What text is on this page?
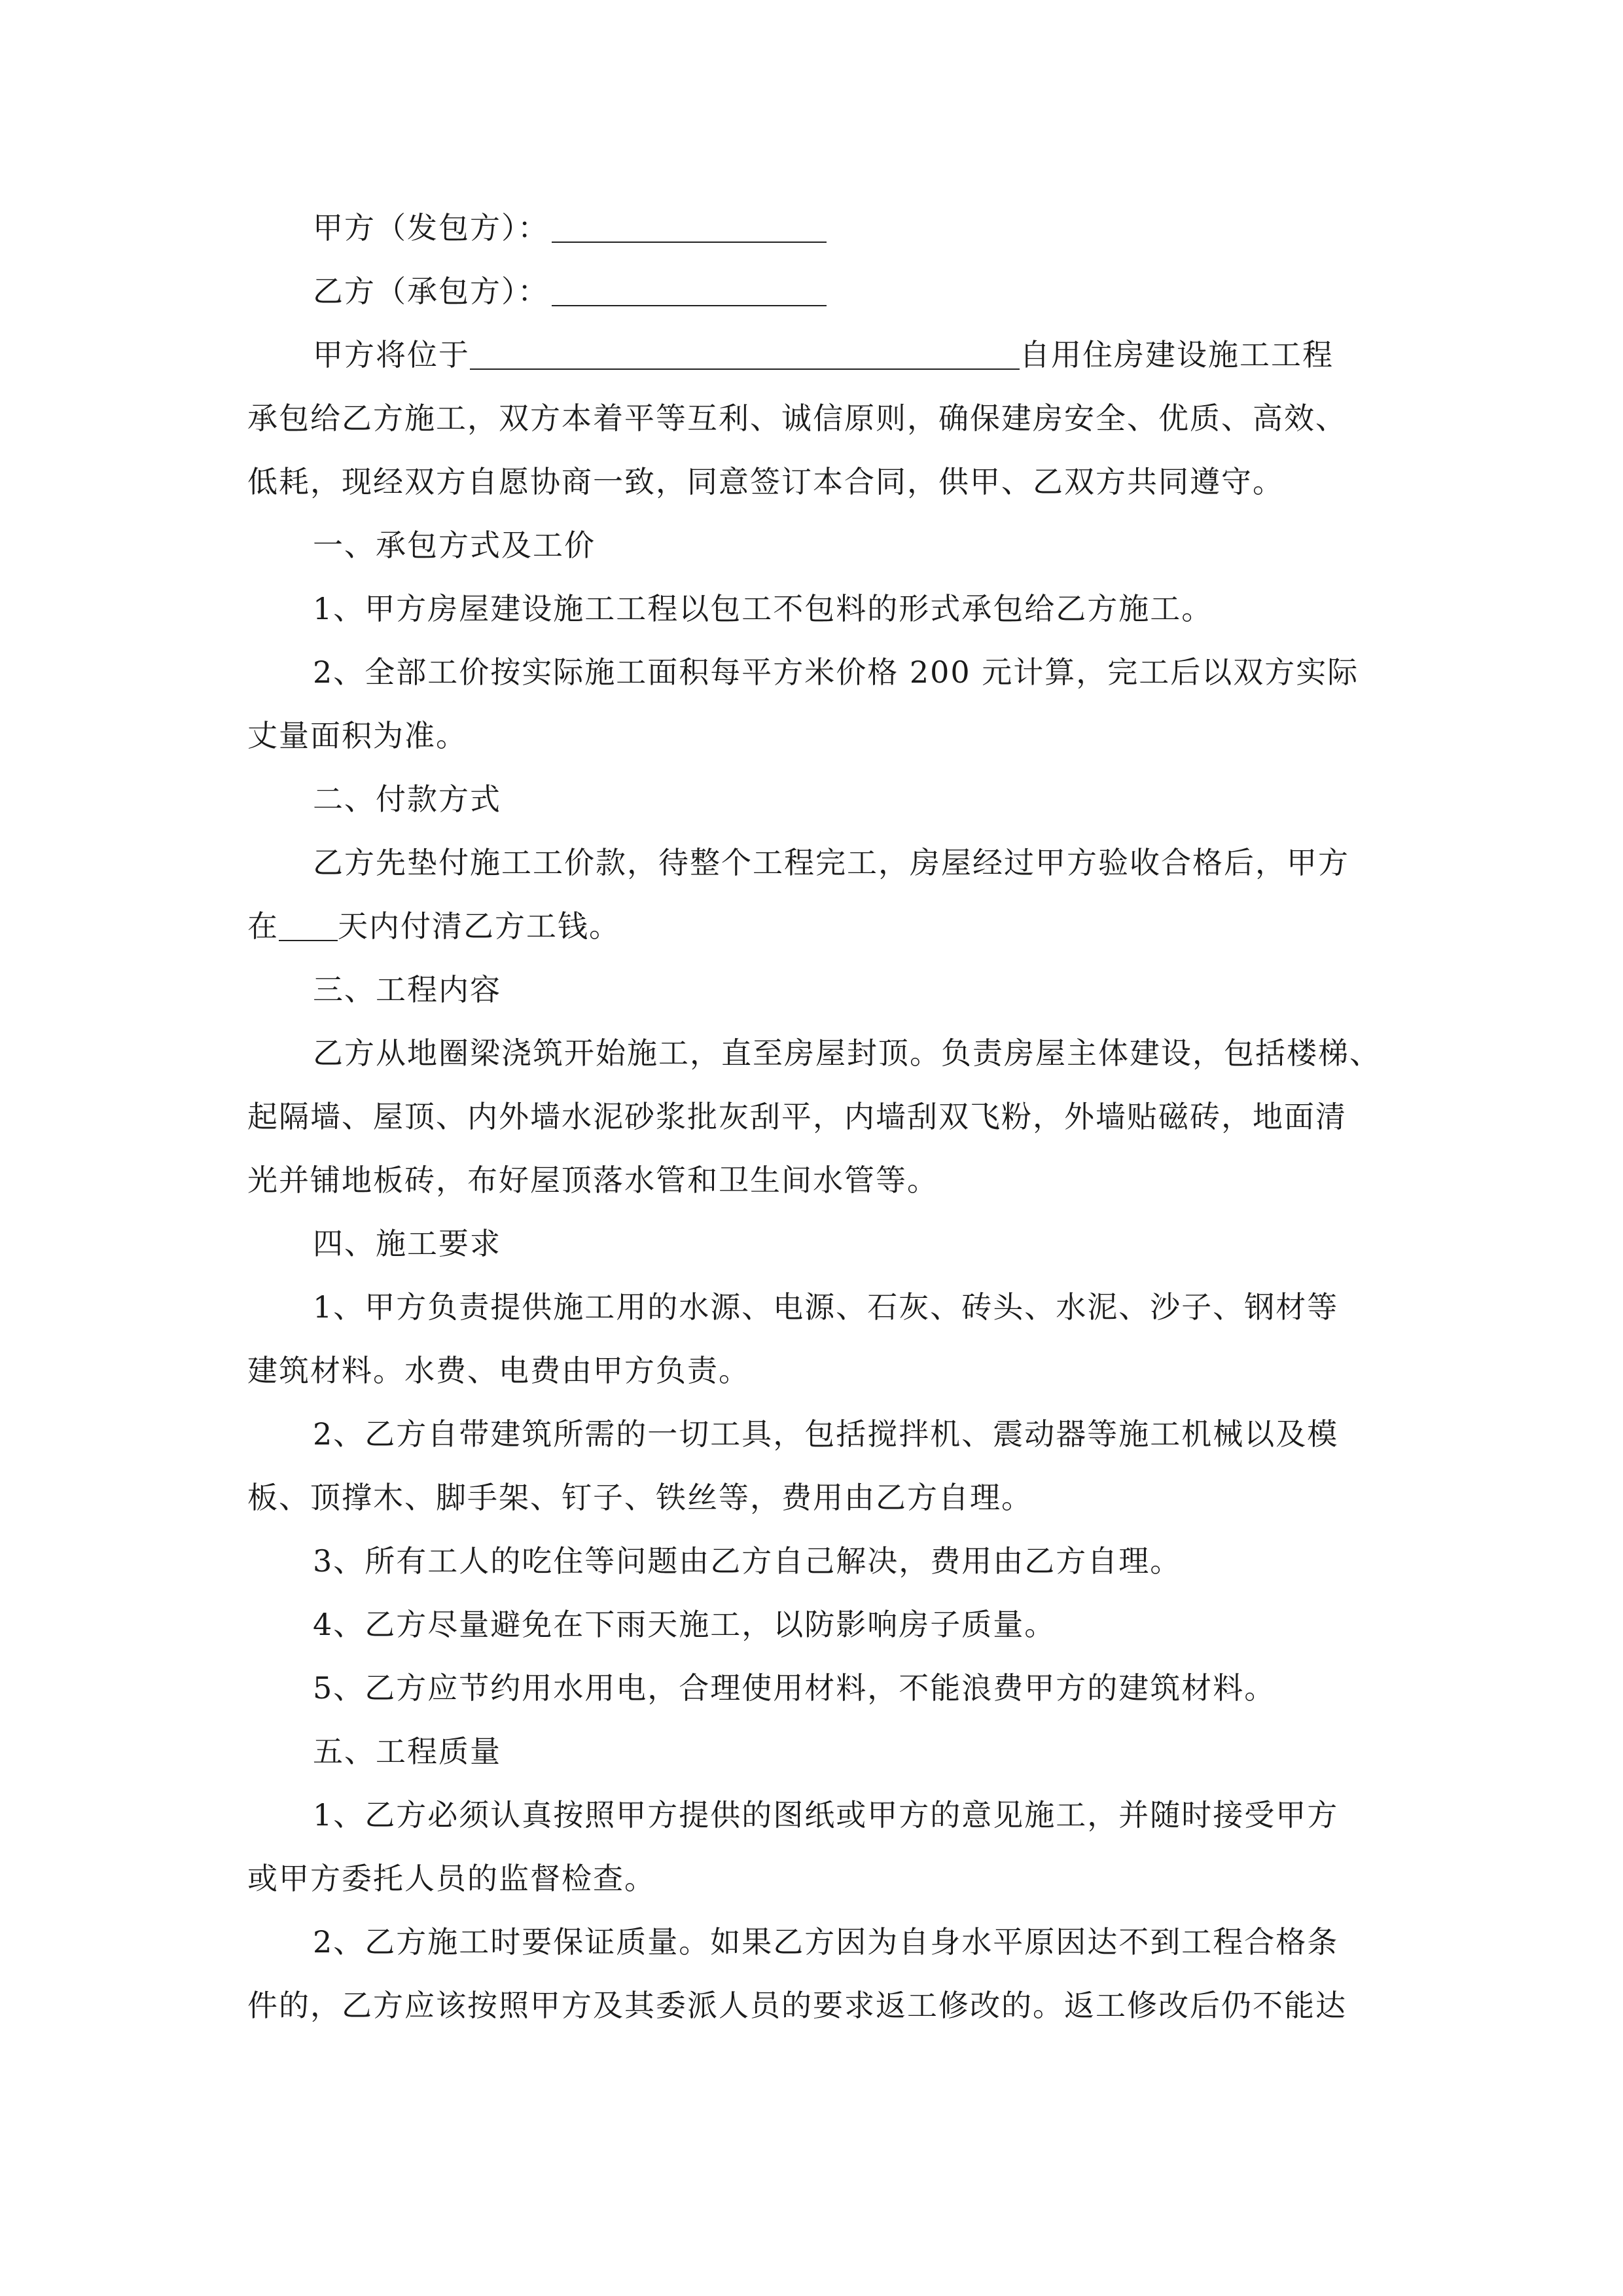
甲方（发包方）：
乙方（承包方）：
甲方将位于	自用住房建设施工工程
承包给乙方施工，双方本着平等互利、诚信原则，确保建房安全、优质、高效、
低耗，现经双方自愿协商一致，同意签订本合同，供甲、乙双方共同遵守。
一、承包方式及工价
1、甲方房屋建设施工工程以包工不包料的形式承包给乙方施工。
2、全部工价按实际施工面积每平方米价格 200 元计算，完工后以双方实际
丈量面积为准。
二、付款方式
乙方先垫付施工工价款，待整个工程完工，房屋经过甲方验收合格后，甲方
在 天内付清乙方工钱。
三、工程内容
乙方从地圈梁浇筑开始施工，直至房屋封顶。负责房屋主体建设，包括楼梯、
起隔墙、屋顶、内外墙水泥砂浆批灰刮平，内墙刮双飞粉，外墙贴磁砖，地面清
光并铺地板砖，布好屋顶落水管和卫生间水管等。
四、施工要求
1、甲方负责提供施工用的水源、电源、石灰、砖头、水泥、沙子、钢材等
建筑材料。水费、电费由甲方负责。
2、乙方自带建筑所需的一切工具，包括搅拌机、震动器等施工机械以及模
板、顶撑木、脚手架、钉子、铁丝等，费用由乙方自理。
3、所有工人的吃住等问题由乙方自己解决，费用由乙方自理。
4、乙方尽量避免在下雨天施工，以防影响房子质量。
5、乙方应节约用水用电，合理使用材料，不能浪费甲方的建筑材料。
五、工程质量
1、乙方必须认真按照甲方提供的图纸或甲方的意见施工，并随时接受甲方
或甲方委托人员的监督检查。
2、乙方施工时要保证质量。如果乙方因为自身水平原因达不到工程合格条
件的，乙方应该按照甲方及其委派人员的要求返工修改的。返工修改后仍不能达
